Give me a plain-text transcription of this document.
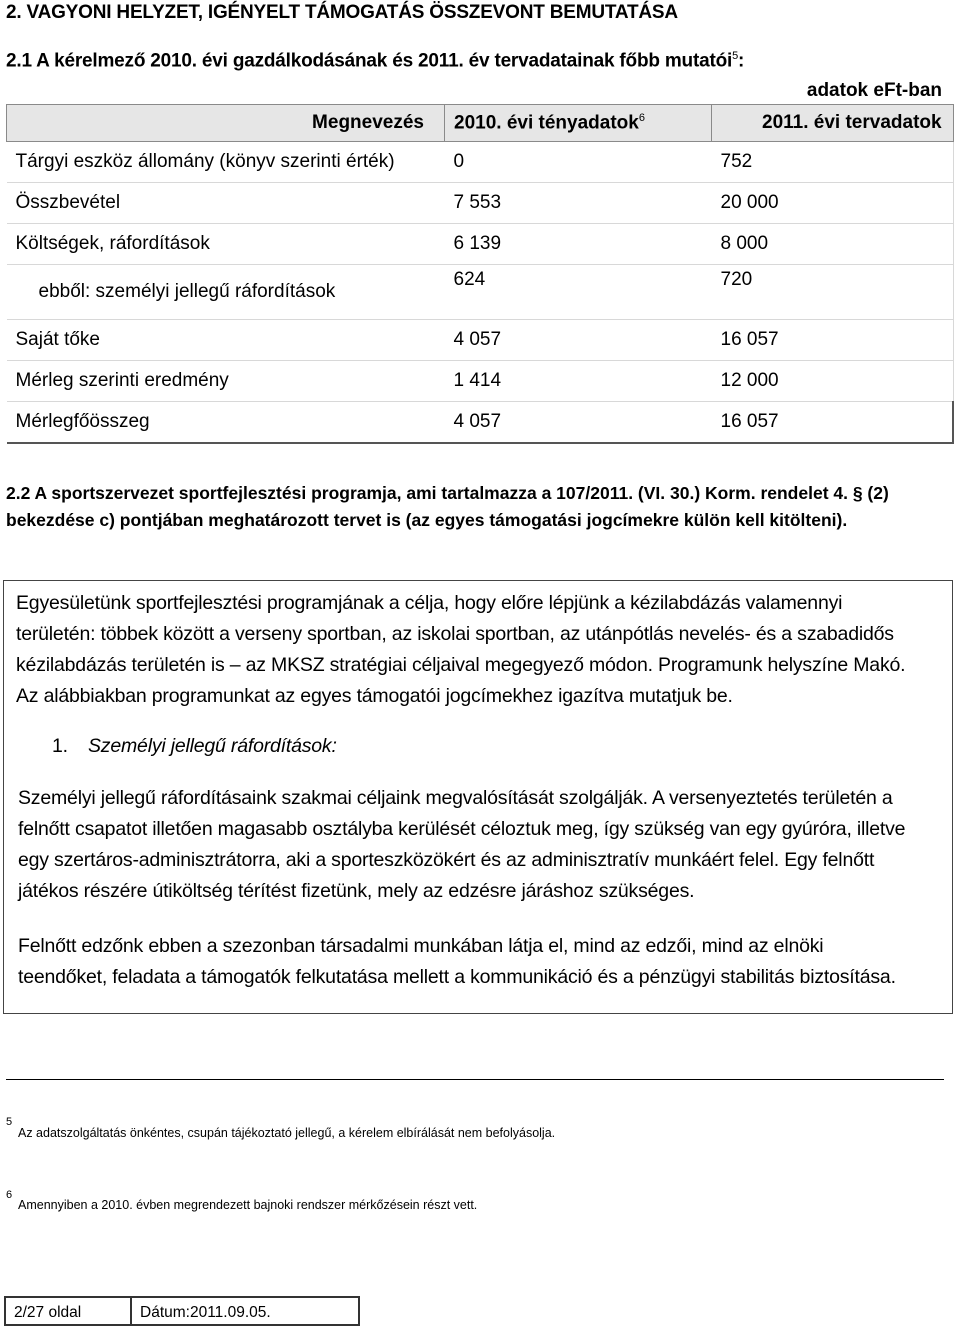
2. VAGYONI HELYZET, IGÉNYELT TÁMOGATÁS ÖSSZEVONT BEMUTATÁSA
2.1 A kérelmező 2010. évi gazdálkodásának és 2011. év tervadatainak főbb mutatói$^5$:
adatok eFt-ban
Megnevezés	2010. évi tényadatok$^6$	2011. évi tervadatok
Tárgyi eszköz állomány (könyv szerinti érték)	0	752
Összbevétel	7 553	20 000
Költségek, ráfordítások	6 139	8 000
ebből: személyi jellegű ráfordítások	624	720
Saját tőke	4 057	16 057
Mérleg szerinti eredmény	1 414	12 000
Mérlegfőösszeg	4 057	16 057
2.2 A sportszervezet sportfejlesztési programja, ami tartalmazza a 107/2011. (VI. 30.) Korm. rendelet 4. § (2)
bekezdése c) pontjában meghatározott tervet is (az egyes támogatási jogcímekre külön kell kitölteni).
Egyesületünk sportfejlesztési programjának a célja, hogy előre lépjünk a kézilabdázás valamennyi
területén: többek között a verseny sportban, az iskolai sportban, az utánpótlás nevelés- és a szabadidős
kézilabdázás területén is – az MKSZ stratégiai céljaival megegyező módon. Programunk helyszíne Makó.
Az alábbiakban programunkat az egyes támogatói jogcímekhez igazítva mutatjuk be.
1. Személyi jellegű ráfordítások:
Személyi jellegű ráfordításaink szakmai céljaink megvalósítását szolgálják. A versenyeztetés területén a
felnőtt csapatot illetően magasabb osztályba kerülését céloztuk meg, így szükség van egy gyúróra, illetve
egy szertáros-adminisztrátorra, aki a sporteszközökért és az adminisztratív munkáért felel. Egy felnőtt
játékos részére útiköltség térítést fizetünk, mely az edzésre járáshoz szükséges.
Felnőtt edzőnk ebben a szezonban társadalmi munkában látja el, mind az edzői, mind az elnöki
teendőket, feladata a támogatók felkutatása mellett a kommunikáció és a pénzügyi stabilitás biztosítása.
5
Az adatszolgáltatás önkéntes, csupán tájékoztató jellegű, a kérelem elbírálását nem befolyásolja.
6
Amennyiben a 2010. évben megrendezett bajnoki rendszer mérkőzésein részt vett.
2/27 oldal	Dátum:2011.09.05.
